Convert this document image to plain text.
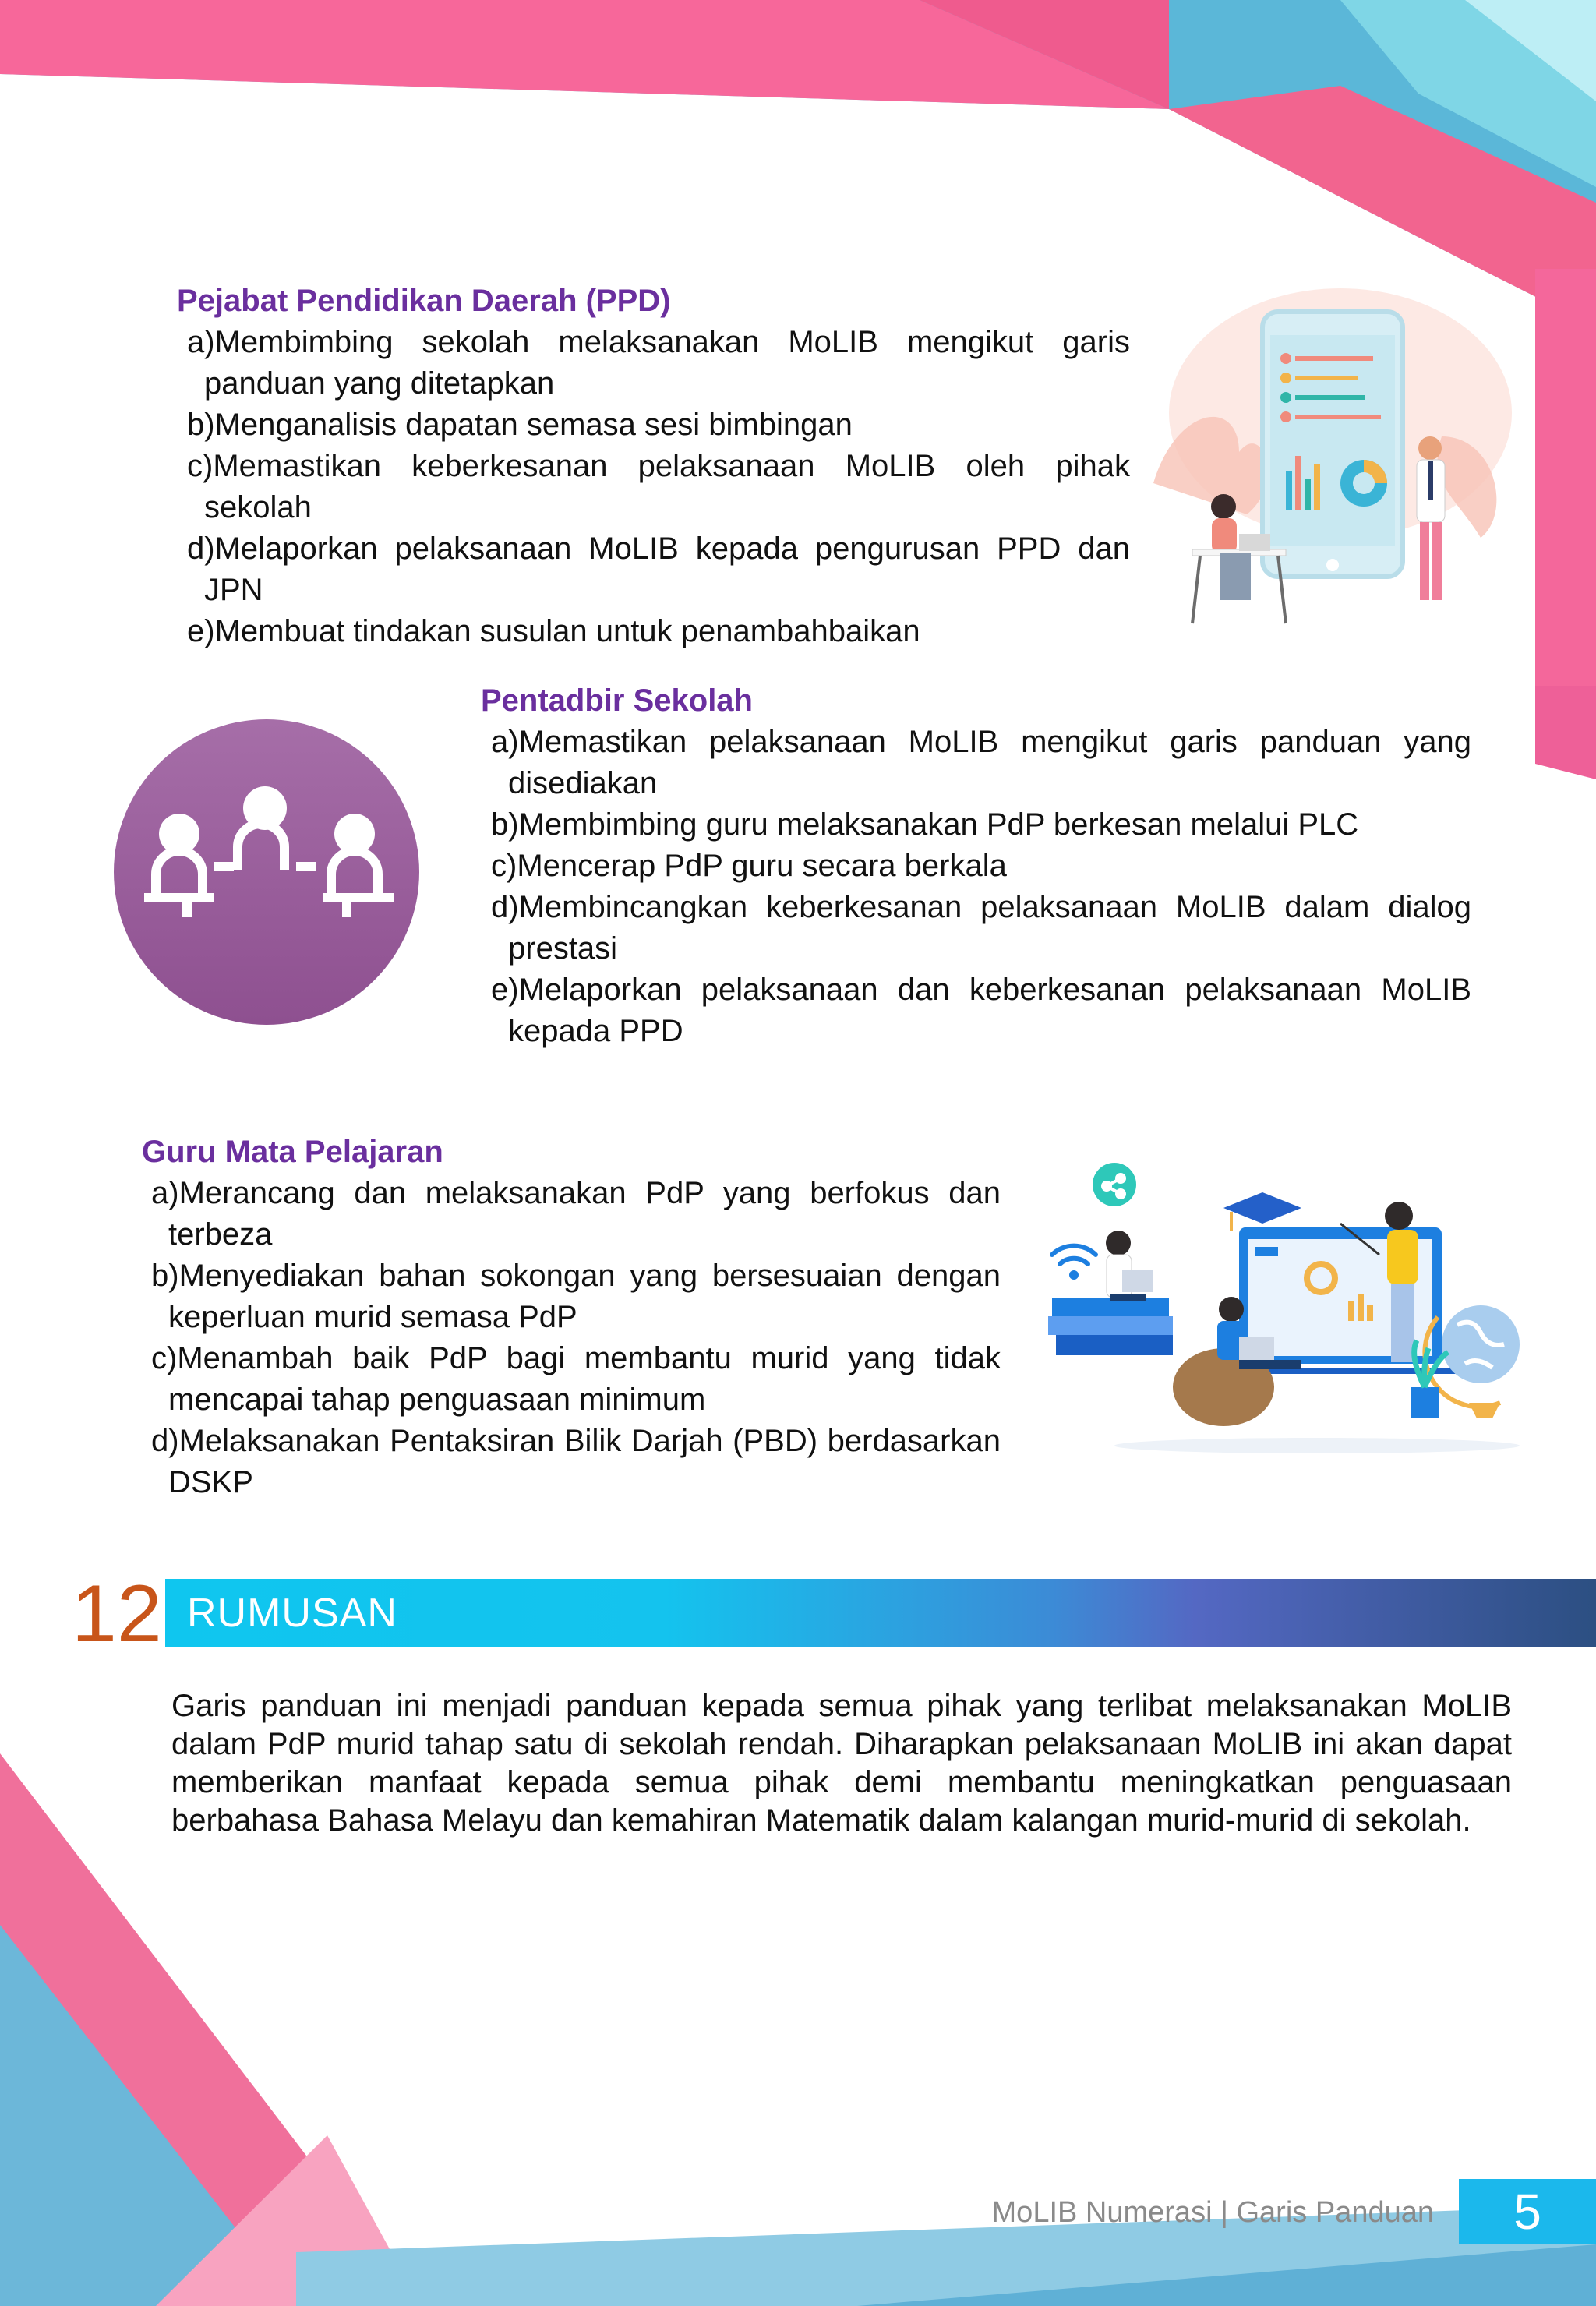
Pejabat Pendidikan Daerah (PPD)
a)Membimbing sekolah melaksanakan MoLIB mengikut garis panduan yang ditetapkan
b)Menganalisis dapatan semasa sesi bimbingan
c)Memastikan keberkesanan pelaksanaan MoLIB oleh pihak sekolah
d)Melaporkan pelaksanaan MoLIB kepada pengurusan PPD dan JPN
e)Membuat tindakan susulan untuk penambahbaikan
Pentadbir Sekolah
a)Memastikan pelaksanaan MoLIB mengikut garis panduan yang disediakan
b)Membimbing guru melaksanakan PdP berkesan melalui PLC
c)Mencerap PdP guru secara berkala
d)Membincangkan keberkesanan pelaksanaan MoLIB dalam dialog prestasi
e)Melaporkan pelaksanaan dan keberkesanan pelaksanaan MoLIB kepada PPD
Guru Mata Pelajaran
a)Merancang dan melaksanakan PdP yang berfokus dan terbeza
b)Menyediakan bahan sokongan yang bersesuaian dengan keperluan murid semasa PdP
c)Menambah baik PdP bagi membantu murid yang tidak mencapai tahap penguasaan minimum
d)Melaksanakan Pentaksiran Bilik Darjah (PBD) berdasarkan DSKP
12 RUMUSAN

Garis panduan ini menjadi panduan kepada semua pihak yang terlibat melaksanakan MoLIB dalam PdP murid tahap satu di sekolah rendah. Diharapkan pelaksanaan MoLIB ini akan dapat memberikan manfaat kepada semua pihak demi membantu meningkatkan penguasaan berbahasa Bahasa Melayu dan kemahiran Matematik dalam kalangan murid-murid di sekolah.

MoLIB Numerasi | Garis Panduan	5
